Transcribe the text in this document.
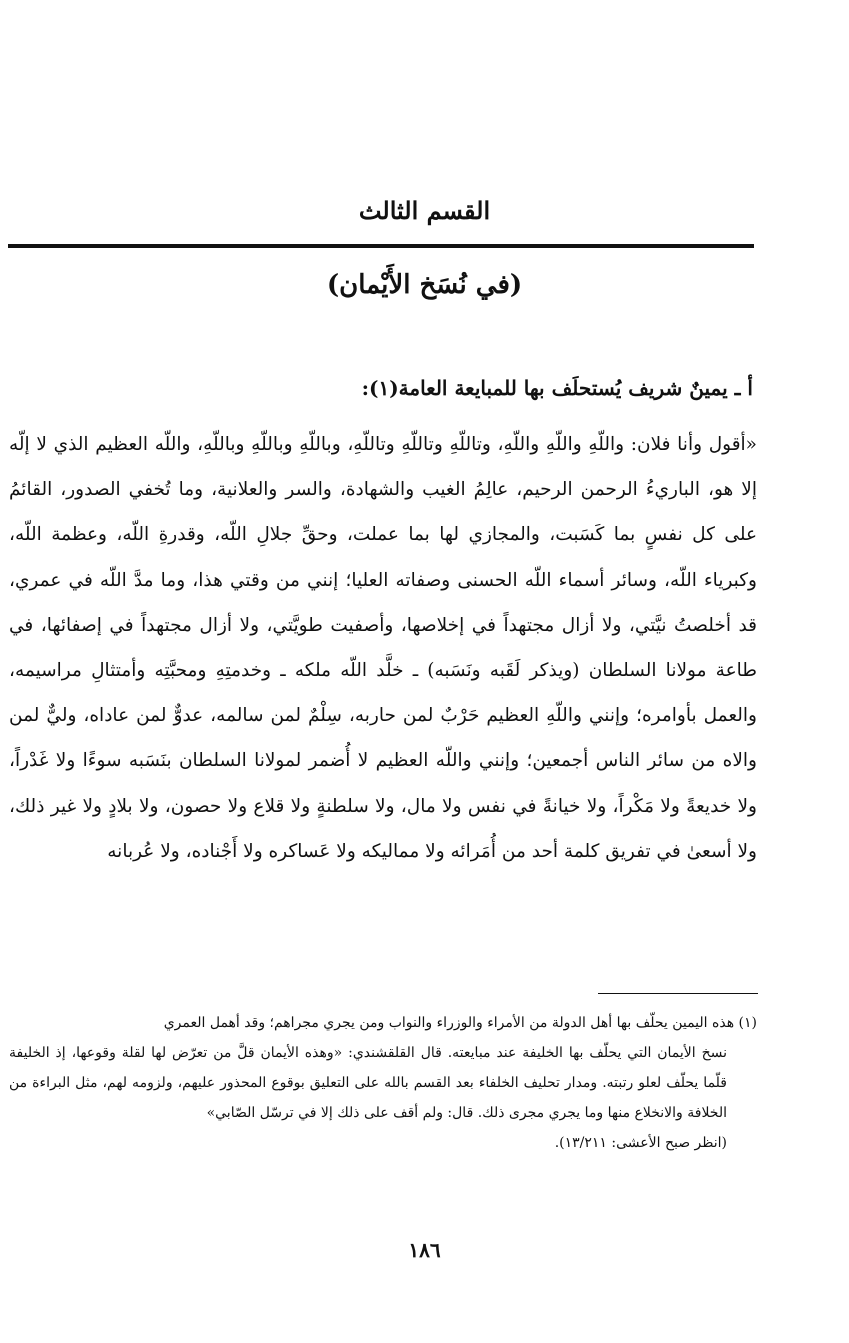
القسم الثالث
(في نُسَخ الأَيْمان)
أ ـ يمينٌ شريف يُستحلَف بها للمبايعة العامة(١):

«أقول وأنا فلان: واللّهِ واللّهِ واللّهِ، وتاللّهِ وتاللّهِ وتاللّهِ، وباللّهِ وباللّهِ وباللّهِ، واللّه العظيم الذي لا إلّه إلا هو، الباريءُ الرحمن الرحيم، عالِمُ الغيب والشهادة، والسر والعلانية، وما تُخفي الصدور، القائمُ على كل نفسٍ بما كَسَبت، والمجازي لها بما عملت، وحقِّ جلالِ اللّه، وقدرةِ اللّه، وعظمة اللّه، وكبرياء اللّه، وسائر أسماء اللّه الحسنى وصفاته العليا؛ إنني من وقتي هذا، وما مدَّ اللّه في عمري، قد أخلصتُ نيَّتي، ولا أزال مجتهداً في إخلاصها، وأصفيت طويَّتي، ولا أزال مجتهداً في إصفائها، في طاعة مولانا السلطان (ويذكر لَقَبه ونَسَبه) ـ خلَّد اللّه ملكه ـ وخدمتِهِ ومحبَّتِه وأمتثالِ مراسيمه، والعمل بأوامره؛ وإنني واللّهِ العظيم حَرْبٌ لمن حاربه، سِلْمٌ لمن سالمه، عدوٌّ لمن عاداه، وليٌّ لمن والاه من سائر الناس أجمعين؛ وإنني واللّه العظيم لا أُضمر لمولانا السلطان بنَسَبه سوءًا ولا غَدْراً، ولا خديعةً ولا مَكْراً، ولا خيانةً في نفس ولا مال، ولا سلطنةٍ ولا قلاع ولا حصون، ولا بلادٍ ولا غير ذلك، ولا أسعىٰ في تفريق كلمة أحد من أُمَرائه ولا مماليكه ولا عَساكره ولا أَجْناده، ولا عُربانه

(١) هذه اليمين يحلّف بها أهل الدولة من الأمراء والوزراء والنواب ومن يجري مجراهم؛ وقد أهمل العمري
نسخ الأيمان التي يحلّف بها الخليفة عند مبايعته. قال القلقشندي: «وهذه الأيمان قلَّ من تعرّض لها لقلة وقوعها، إذ الخليفة قلّما يحلّف لعلو رتبته. ومدار تحليف الخلفاء بعد القسم بالله على التعليق بوقوع المحذور عليهم، ولزومه لهم، مثل البراءة من الخلافة والانخلاع منها وما يجري مجرى ذلك. قال: ولم أقف على ذلك إلا في ترسّل الصّابي»
(انظر صبح الأعشى: ١٣/٢١١).
١٨٦
